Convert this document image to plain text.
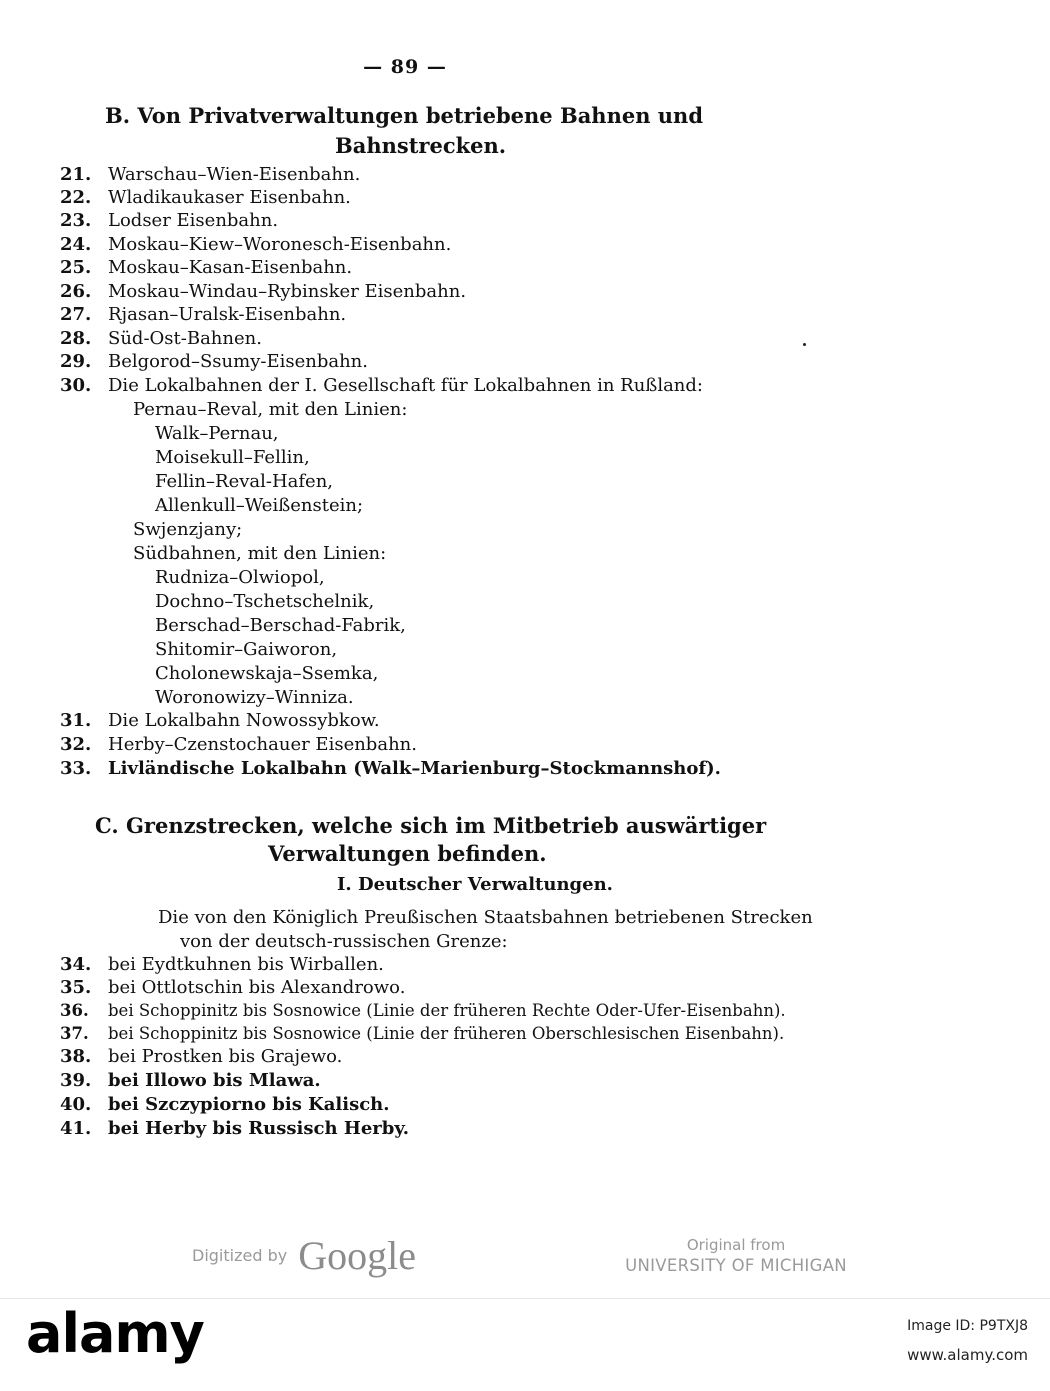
— 89 —
B. Von Privatverwaltungen betriebene Bahnen und
Bahnstrecken.
21. Warschau–Wien-Eisenbahn.
22. Wladikaukaser Eisenbahn.
23. Lodser Eisenbahn.
24. Moskau–Kiew–Woronesch-Eisenbahn.
25. Moskau–Kasan-Eisenbahn.
26. Moskau–Windau–Rybinsker Eisenbahn.
27. Rjasan–Uralsk-Eisenbahn.
28. Süd-Ost-Bahnen.
29. Belgorod–Ssumy-Eisenbahn.
30. Die Lokalbahnen der I. Gesellschaft für Lokalbahnen in Rußland:
Pernau–Reval, mit den Linien:
Walk–Pernau,
Moisekull–Fellin,
Fellin–Reval-Hafen,
Allenkull–Weißenstein;
Swjenzjany;
Südbahnen, mit den Linien:
Rudniza–Olwiopol,
Dochno–Tschetschelnik,
Berschad–Berschad-Fabrik,
Shitomir–Gaiworon,
Cholonewskaja–Ssemka,
Woronowizy–Winniza.
31. Die Lokalbahn Nowossybkow.
32. Herby–Czenstochauer Eisenbahn.
33. Livländische Lokalbahn (Walk–Marienburg–Stockmannshof).
C. Grenzstrecken, welche sich im Mitbetrieb auswärtiger
Verwaltungen befinden.
I. Deutscher Verwaltungen.
Die von den Königlich Preußischen Staatsbahnen betriebenen Strecken
von der deutsch-russischen Grenze:
34. bei Eydtkuhnen bis Wirballen.
35. bei Ottlotschin bis Alexandrowo.
36. bei Schoppinitz bis Sosnowice (Linie der früheren Rechte Oder-Ufer-Eisenbahn).
37. bei Schoppinitz bis Sosnowice (Linie der früheren Oberschlesischen Eisenbahn).
38. bei Prostken bis Grajewo.
39. bei Illowo bis Mlawa.
40. bei Szczypiorno bis Kalisch.
41. bei Herby bis Russisch Herby.
Digitized by Google	Original from
UNIVERSITY OF MICHIGAN
alamy	Image ID: P9TXJ8
www.alamy.com
